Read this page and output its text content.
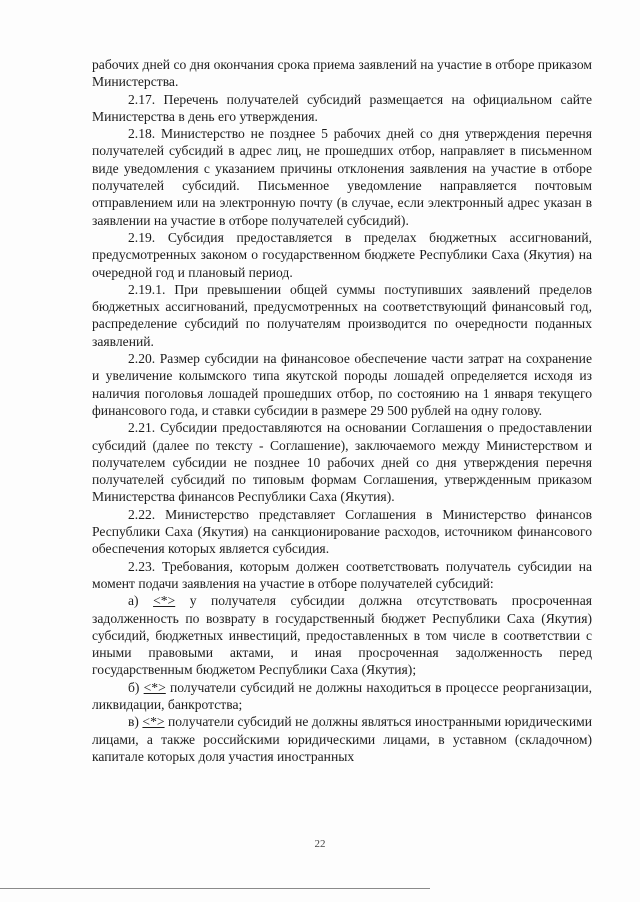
рабочих дней со дня окончания срока приема заявлений на участие в отборе приказом Министерства.

2.17. Перечень получателей субсидий размещается на официальном сайте Министерства в день его утверждения.

2.18. Министерство не позднее 5 рабочих дней со дня утверждения перечня получателей субсидий в адрес лиц, не прошедших отбор, направляет в письменном виде уведомления с указанием причины отклонения заявления на участие в отборе получателей субсидий. Письменное уведомление направляется почтовым отправлением или на электронную почту (в случае, если электронный адрес указан в заявлении на участие в отборе получателей субсидий).

2.19. Субсидия предоставляется в пределах бюджетных ассигнований, предусмотренных законом о государственном бюджете Республики Саха (Якутия) на очередной год и плановый период.

2.19.1. При превышении общей суммы поступивших заявлений пределов бюджетных ассигнований, предусмотренных на соответствующий финансовый год, распределение субсидий по получателям производится по очередности поданных заявлений.

2.20. Размер субсидии на финансовое обеспечение части затрат на сохранение и увеличение колымского типа якутской породы лошадей определяется исходя из наличия поголовья лошадей прошедших отбор, по состоянию на 1 января текущего финансового года, и ставки субсидии в размере 29 500 рублей на одну голову.

2.21. Субсидии предоставляются на основании Соглашения о предоставлении субсидий (далее по тексту - Соглашение), заключаемого между Министерством и получателем субсидии не позднее 10 рабочих дней со дня утверждения перечня получателей субсидий по типовым формам Соглашения, утвержденным приказом Министерства финансов Республики Саха (Якутия).

2.22. Министерство представляет Соглашения в Министерство финансов Республики Саха (Якутия) на санкционирование расходов, источником финансового обеспечения которых является субсидия.

2.23. Требования, которым должен соответствовать получатель субсидии на момент подачи заявления на участие в отборе получателей субсидий:

а) <*> у получателя субсидии должна отсутствовать просроченная задолженность по возврату в государственный бюджет Республики Саха (Якутия) субсидий, бюджетных инвестиций, предоставленных в том числе в соответствии с иными правовыми актами, и иная просроченная задолженность перед государственным бюджетом Республики Саха (Якутия);

б) <*> получатели субсидий не должны находиться в процессе реорганизации, ликвидации, банкротства;

в) <*> получатели субсидий не должны являться иностранными юридическими лицами, а также российскими юридическими лицами, в уставном (складочном) капитале которых доля участия иностранных

22
